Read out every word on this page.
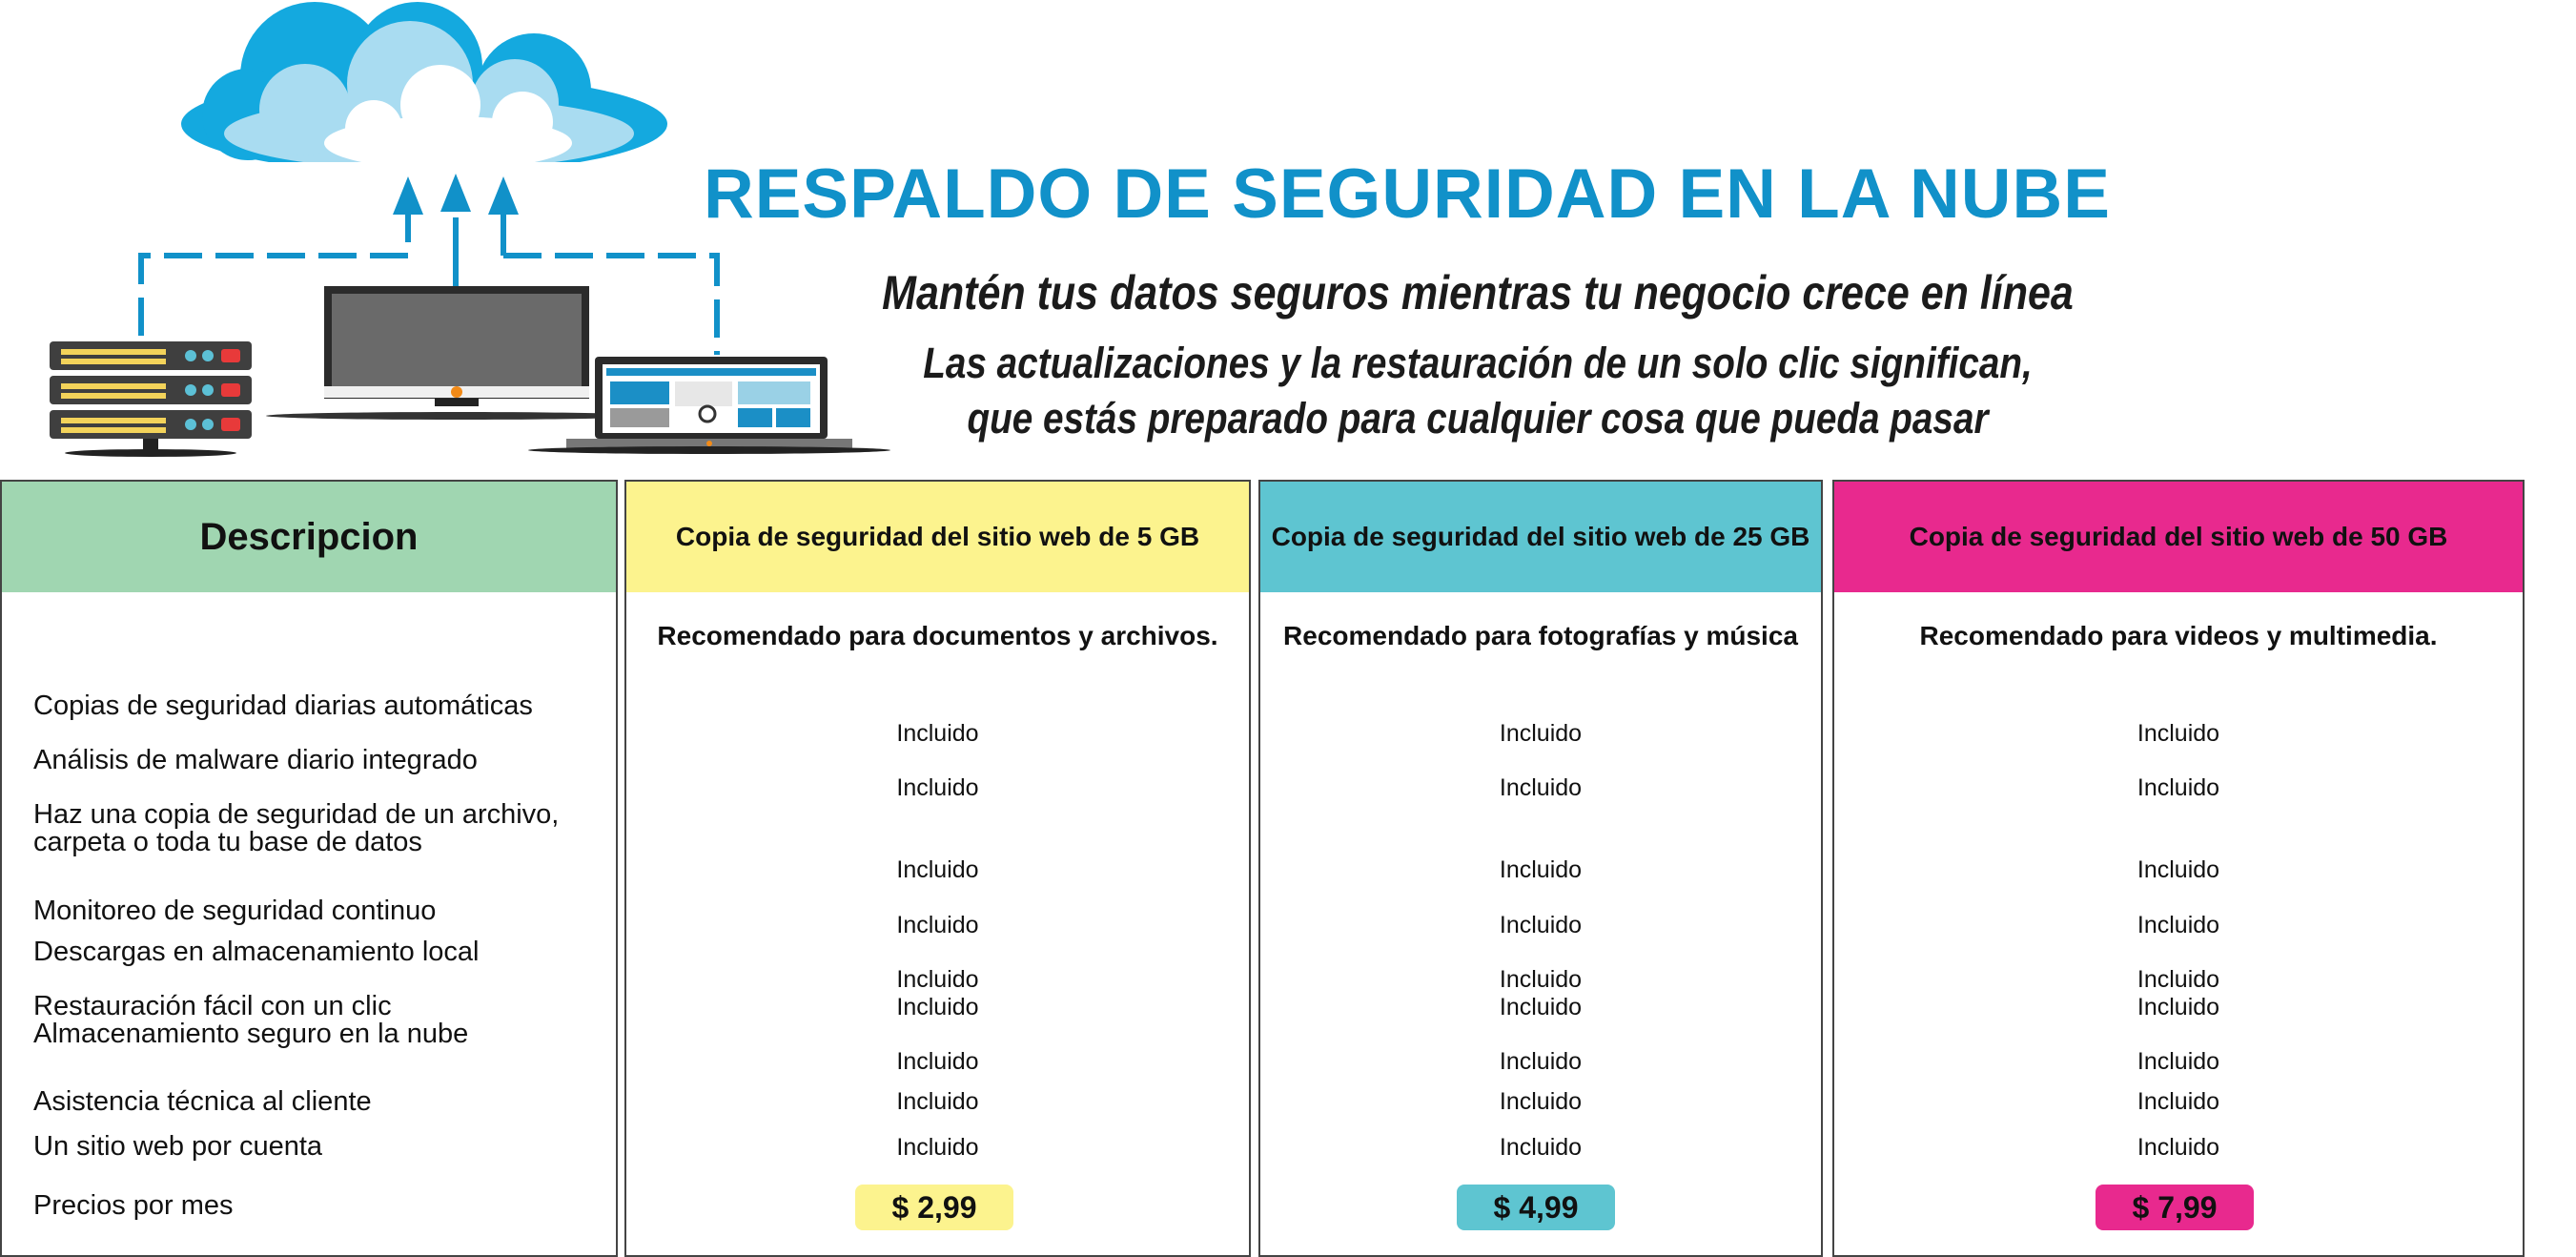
RESPALDO DE SEGURIDAD EN LA NUBE
Mantén tus datos seguros mientras tu negocio crece en línea
Las actualizaciones y la restauración de un solo clic significan,
que estás preparado para cualquier cosa que pueda pasar
Descripcion
Copias de seguridad diarias automáticas
Análisis de malware diario integrado
Haz una copia de seguridad de un archivo, carpeta o toda tu base de datos
Monitoreo de seguridad continuo
Descargas en almacenamiento local
Restauración fácil con un clic
Almacenamiento seguro en la nube
Asistencia técnica al cliente
Un sitio web por cuenta
Precios por mes
Copia de seguridad del sitio web de 5 GB
Recomendado para documentos y archivos.
Incluido
Incluido
Incluido
Incluido
Incluido
Incluido
Incluido
Incluido
Incluido
$ 2,99
Copia de seguridad del sitio web de 25 GB
Recomendado para fotografías y música
Incluido
Incluido
Incluido
Incluido
Incluido
Incluido
Incluido
Incluido
Incluido
$ 4,99
Copia de seguridad del sitio web de 50 GB
Recomendado para videos y multimedia.
Incluido
Incluido
Incluido
Incluido
Incluido
Incluido
Incluido
Incluido
Incluido
$ 7,99
